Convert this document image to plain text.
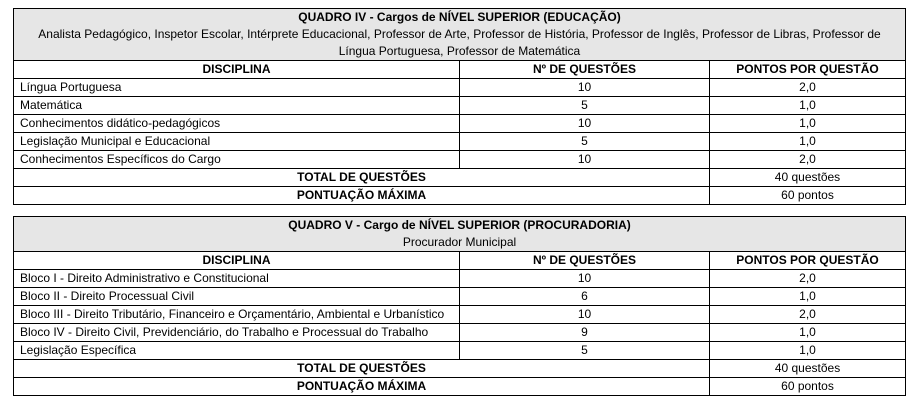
QUADRO IV - Cargos de NÍVEL SUPERIOR (EDUCAÇÃO)
Analista Pedagógico, Inspetor Escolar, Intérprete Educacional, Professor de Arte, Professor de História, Professor de Inglês, Professor de Libras, Professor de Língua Portuguesa, Professor de Matemática		

DISCIPLINA	Nº DE QUESTÕES	PONTOS POR QUESTÃO
Língua Portuguesa	10	2,0
Matemática	5	1,0
Conhecimentos didático-pedagógicos	10	1,0
Legislação Municipal e Educacional	5	1,0
Conhecimentos Específicos do Cargo	10	2,0
TOTAL DE QUESTÕES		40 questões
PONTUAÇÃO MÁXIMA		60 pontos
QUADRO V - Cargo de NÍVEL SUPERIOR (PROCURADORIA)
Procurador Municipal		

DISCIPLINA	Nº DE QUESTÕES	PONTOS POR QUESTÃO
Bloco I - Direito Administrativo e Constitucional	10	2,0
Bloco II - Direito Processual Civil	6	1,0
Bloco III - Direito Tributário, Financeiro e Orçamentário, Ambiental e Urbanístico	10	2,0
Bloco IV - Direito Civil, Previdenciário, do Trabalho e Processual do Trabalho	9	1,0
Legislação Específica	5	1,0
TOTAL DE QUESTÕES		40 questões
PONTUAÇÃO MÁXIMA		60 pontos
